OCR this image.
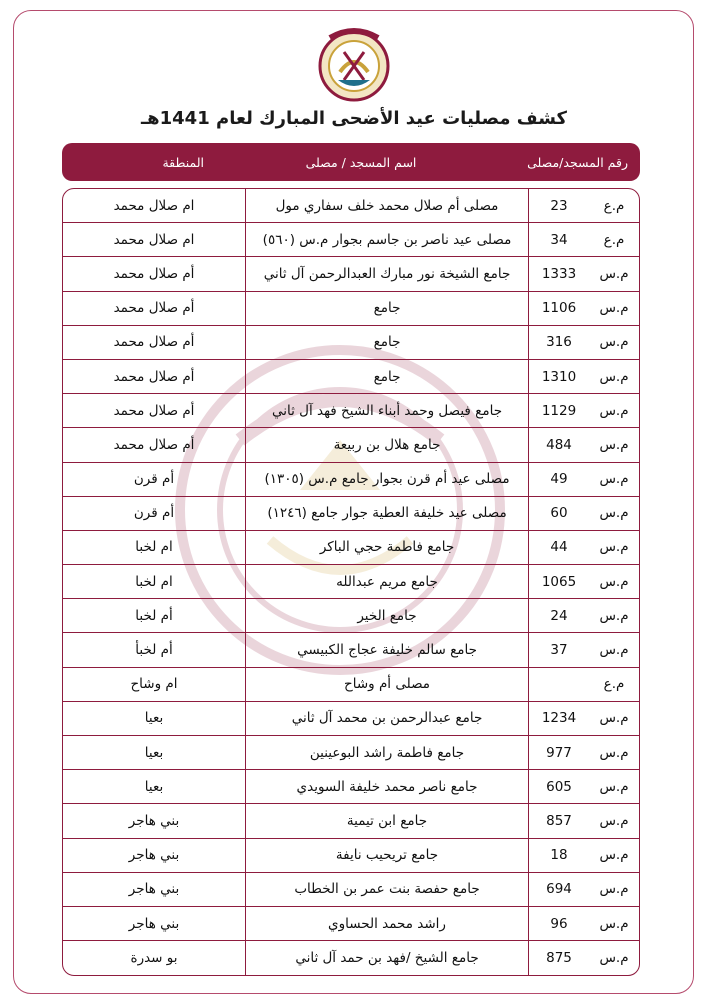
كشف مصليات عيد الأضحى المبارك لعام 1441هـ
رقم المسجد/مصلى
اسم المسجد / مصلى
المنطقة
م.ع
23
مصلى أم صلال محمد خلف سفاري مول
ام صلال محمد
م.ع
34
مصلى عيد ناصر بن جاسم بجوار م.س (٥٦٠)
ام صلال محمد
م.س
1333
جامع الشيخة نور مبارك العبدالرحمن آل ثاني
أم صلال محمد
م.س
1106
جامع
أم صلال محمد
م.س
316
جامع
أم صلال محمد
م.س
1310
جامع
أم صلال محمد
م.س
1129
جامع فيصل وحمد أبناء الشيخ فهد آل ثاني
أم صلال محمد
م.س
484
جامع هلال بن ربيعة
أم صلال محمد
م.س
49
مصلى عيد أم قرن بجوار جامع م.س (١٣٠٥)
أم قرن
م.س
60
مصلى عيد خليفة العطية جوار جامع (١٢٤٦)
أم قرن
م.س
44
جامع فاطمة حجي الباكر
ام لخبا
م.س
1065
جامع مريم عبدالله
ام لخبا
م.س
24
جامع الخير
أم لخبا
م.س
37
جامع سالم خليفة عجاج الكبيسي
أم لخبأ
م.ع
مصلى أم وشاح
ام وشاح
م.س
1234
جامع عبدالرحمن بن محمد آل ثاني
بعيا
م.س
977
جامع فاطمة راشد البوعينين
بعيا
م.س
605
جامع ناصر محمد خليفة السويدي
بعيا
م.س
857
جامع ابن تيمية
بني هاجر
م.س
18
جامع تريحيب نايفة
بني هاجر
م.س
694
جامع حفصة بنت عمر بن الخطاب
بني هاجر
م.س
96
راشد محمد الحساوي
بني هاجر
م.س
875
جامع الشيخ /فهد بن حمد آل ثاني
بو سدرة
